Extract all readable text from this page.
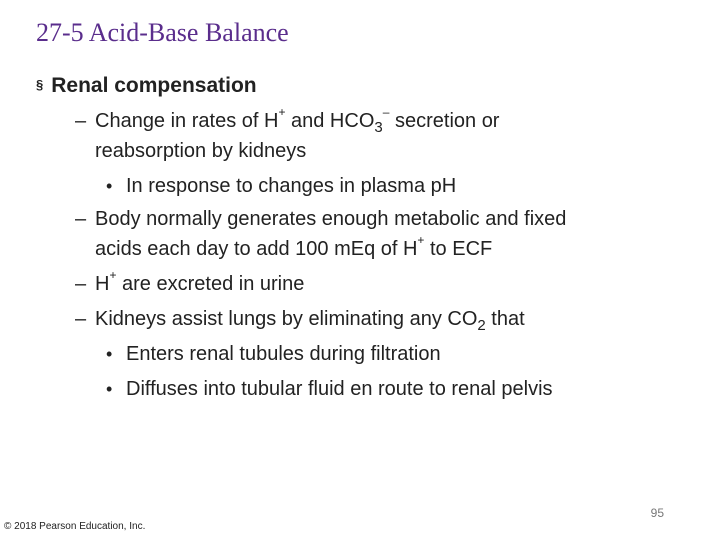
27-5 Acid-Base Balance
§ Renal compensation
– Change in rates of H+ and $HCO_3^-$ secretion or
reabsorption by kidneys
• In response to changes in plasma pH
– Body normally generates enough metabolic and fixed
acids each day to add 100 mEq of H+ to ECF
– H+ are excreted in urine
– Kidneys assist lungs by eliminating any $CO_2$ that
• Enters renal tubules during filtration
• Diffuses into tubular fluid en route to renal pelvis
95
© 2018 Pearson Education, Inc.
